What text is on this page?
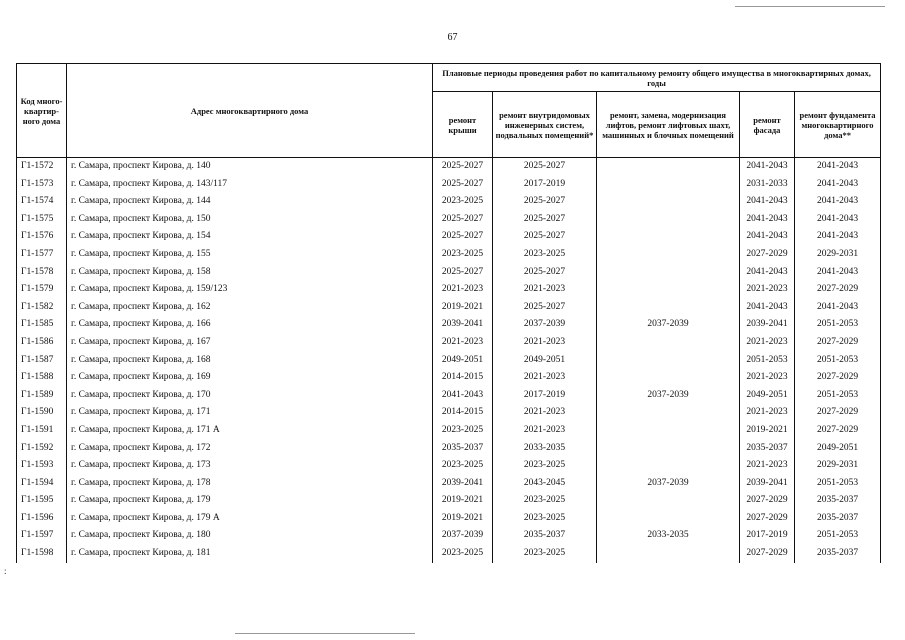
67
Код много-квартир-ного дома	Адрес многоквартирного дома	Плановые периоды проведения работ по капитальному ремонту общего имущества в многоквартирных домах, годы				
		ремонт крыши	ремонт внутридомовых инженерных систем, подвальных помещений*	ремонт, замена, модернизация лифтов, ремонт лифтовых шахт, машинных и блочных помещений	ремонт фасада	ремонт фундамента многоквартирного дома**
Г1-1572	г. Самара, проспект Кирова, д. 140	2025-2027	2025-2027		2041-2043	2041-2043
Г1-1573	г. Самара, проспект Кирова, д. 143/117	2025-2027	2017-2019		2031-2033	2041-2043
Г1-1574	г. Самара, проспект Кирова, д. 144	2023-2025	2025-2027		2041-2043	2041-2043
Г1-1575	г. Самара, проспект Кирова, д. 150	2025-2027	2025-2027		2041-2043	2041-2043
Г1-1576	г. Самара, проспект Кирова, д. 154	2025-2027	2025-2027		2041-2043	2041-2043
Г1-1577	г. Самара, проспект Кирова, д. 155	2023-2025	2023-2025		2027-2029	2029-2031
Г1-1578	г. Самара, проспект Кирова, д. 158	2025-2027	2025-2027		2041-2043	2041-2043
Г1-1579	г. Самара, проспект Кирова, д. 159/123	2021-2023	2021-2023		2021-2023	2027-2029
Г1-1582	г. Самара, проспект Кирова, д. 162	2019-2021	2025-2027		2041-2043	2041-2043
Г1-1585	г. Самара, проспект Кирова, д. 166	2039-2041	2037-2039	2037-2039	2039-2041	2051-2053
Г1-1586	г. Самара, проспект Кирова, д. 167	2021-2023	2021-2023		2021-2023	2027-2029
Г1-1587	г. Самара, проспект Кирова, д. 168	2049-2051	2049-2051		2051-2053	2051-2053
Г1-1588	г. Самара, проспект Кирова, д. 169	2014-2015	2021-2023		2021-2023	2027-2029
Г1-1589	г. Самара, проспект Кирова, д. 170	2041-2043	2017-2019	2037-2039	2049-2051	2051-2053
Г1-1590	г. Самара, проспект Кирова, д. 171	2014-2015	2021-2023		2021-2023	2027-2029
Г1-1591	г. Самара, проспект Кирова, д. 171 А	2023-2025	2021-2023		2019-2021	2027-2029
Г1-1592	г. Самара, проспект Кирова, д. 172	2035-2037	2033-2035		2035-2037	2049-2051
Г1-1593	г. Самара, проспект Кирова, д. 173	2023-2025	2023-2025		2021-2023	2029-2031
Г1-1594	г. Самара, проспект Кирова, д. 178	2039-2041	2043-2045	2037-2039	2039-2041	2051-2053
Г1-1595	г. Самара, проспект Кирова, д. 179	2019-2021	2023-2025		2027-2029	2035-2037
Г1-1596	г. Самара, проспект Кирова, д. 179 А	2019-2021	2023-2025		2027-2029	2035-2037
Г1-1597	г. Самара, проспект Кирова, д. 180	2037-2039	2035-2037	2033-2035	2017-2019	2051-2053
Г1-1598	г. Самара, проспект Кирова, д. 181	2023-2025	2023-2025		2027-2029	2035-2037
:
